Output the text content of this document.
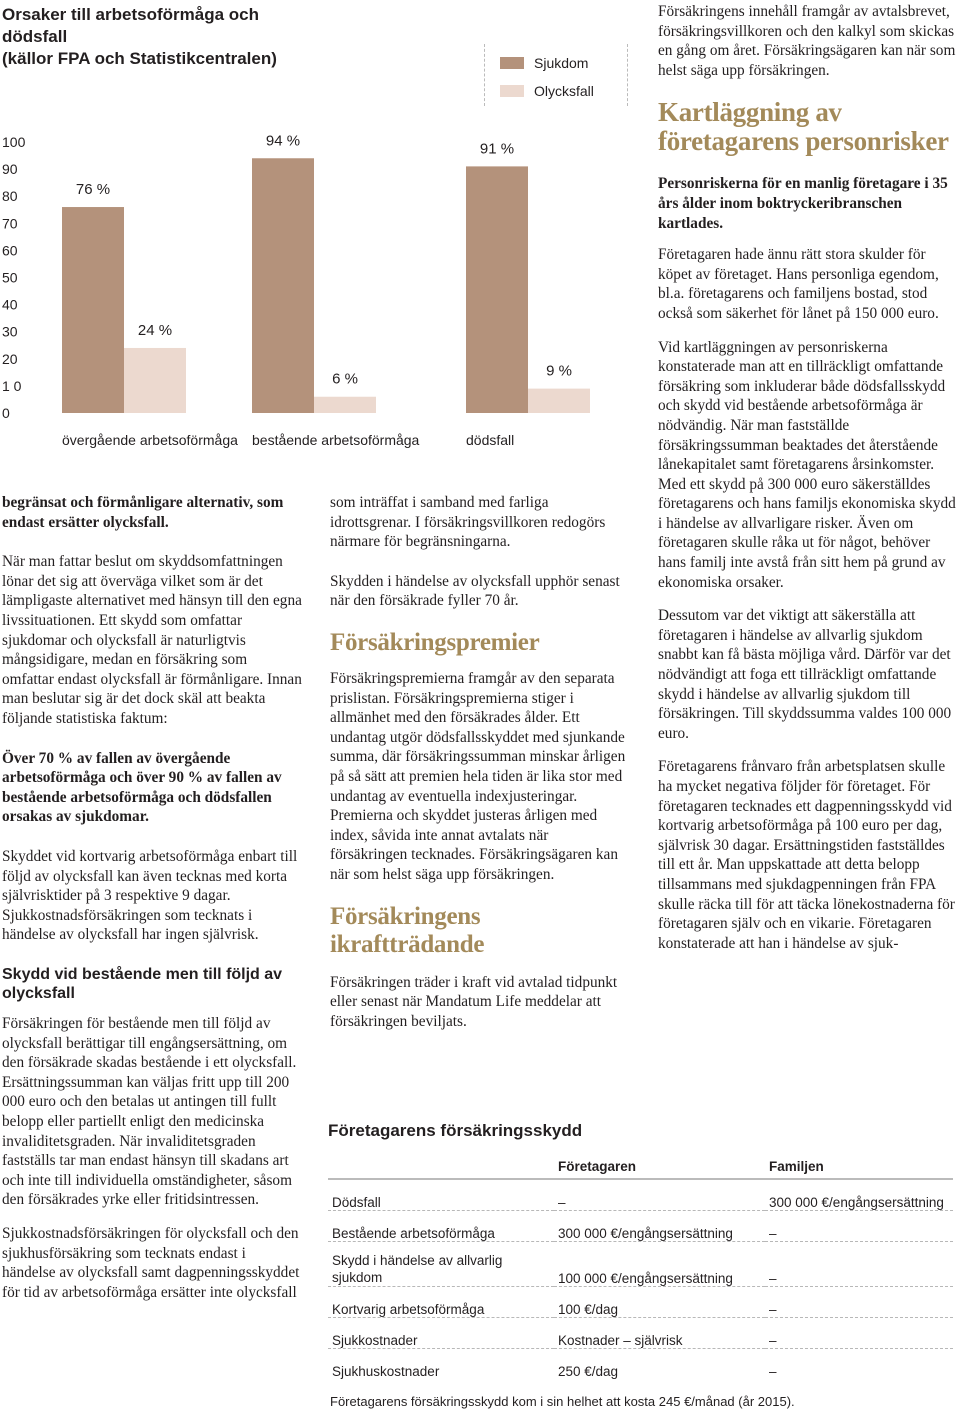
Orsaker till arbetsoförmåga och dödsfall
(källor FPA och Statistikcentralen)	Sjukdom
Olycksfall
0
1 0
20
30
40
50
60
70
80
90
100
76 %
24 %
övergående arbetsoförmåga
94 %
6 %
bestående arbetsoförmåga
91 %
9 %
dödsfall

begränsat och förmånligare alternativ, som endast ersätter olycksfall.

När man fattar beslut om skyddsomfattningen lönar det sig att överväga vilket som är det lämpligaste alternativet med hänsyn till den egna livssituationen. Ett skydd som omfattar sjukdomar och olycksfall är naturligtvis mångsidigare, medan en försäkring som omfattar endast olycksfall är förmånligare. Innan man beslutar sig är det dock skäl att beakta följande statistiska faktum:

Över 70 % av fallen av övergående arbetsoförmåga och över 90 % av fallen av bestående arbetsoförmåga och dödsfallen orsakas av sjukdomar.

Skyddet vid kortvarig arbetsoförmåga enbart till följd av olycksfall kan även tecknas med korta självrisktider på 3 respektive 9 dagar. Sjukkostnadsförsäkringen som tecknats i händelse av olycksfall har ingen självrisk.

Skydd vid bestående men till följd av olycksfall

Försäkringen för bestående men till följd av olycksfall berättigar till engångsersättning, om den försäkrade skadas bestående i ett olycksfall. Ersättningssumman kan väljas fritt upp till 200 000 euro och den betalas ut antingen till fullt belopp eller partiellt enligt den medicinska invaliditetsgraden. När invaliditetsgraden fastställs tar man endast hänsyn till skadans art och inte till individuella omständigheter, såsom den försäkrades yrke eller fritidsintressen.

Sjukkostnadsförsäkringen för olycksfall och den sjukhusförsäkring som tecknats endast i händelse av olycksfall samt dagpenningsskyddet för tid av arbetsoförmåga ersätter inte olycksfall

som inträffat i samband med farliga idrottsgrenar. I försäkringsvillkoren redogörs närmare för begränsningarna.

Skydden i händelse av olycksfall upphör senast när den försäkrade fyller 70 år.

Försäkringspremier

Försäkringspremierna framgår av den separata prislistan. Försäkringspremierna stiger i allmänhet med den försäkrades ålder. Ett undantag utgör dödsfallsskyddet med sjunkande summa, där försäkringssumman minskar årligen på så sätt att premien hela tiden är lika stor med undantag av eventuella indexjusteringar. Premierna och skyddet justeras årligen med index, såvida inte annat avtalats när försäkringen tecknades. Försäkringsägaren kan när som helst säga upp försäkringen.

Försäkringens ikraftträdande

Försäkringen träder i kraft vid avtalad tidpunkt eller senast när Mandatum Life meddelar att försäkringen beviljats.

Försäkringens innehåll framgår av avtalsbrevet, försäkringsvillkoren och den kalkyl som skickas en gång om året. Försäkringsägaren kan när som helst säga upp försäkringen.

Kartläggning av företagarens personrisker

Personriskerna för en manlig företagare i 35 års ålder inom boktryckeribranschen kartlades.

Företagaren hade ännu rätt stora skulder för köpet av företaget. Hans personliga egendom, bl.a. företagarens och familjens bostad, stod också som säkerhet för lånet på 150 000 euro.

Vid kartläggningen av personriskerna konstaterade man att en tillräckligt omfattande försäkring som inkluderar både dödsfallsskydd och skydd vid bestående arbetsoförmåga är nödvändig. När man fastställde försäkringssumman beaktades det återstående lånekapitalet samt företagarens årsinkomster. Med ett skydd på 300 000 euro säkerställdes företagarens och hans familjs ekonomiska skydd i händelse av allvarligare risker. Även om företagaren skulle råka ut för något, behöver hans familj inte avstå från sitt hem på grund av ekonomiska orsaker.

Dessutom var det viktigt att säkerställa att företagaren i händelse av allvarlig sjukdom snabbt kan få bästa möjliga vård. Därför var det nödvändigt att foga ett tillräckligt omfattande skydd i händelse av allvarlig sjukdom till försäkringen. Till skyddssumma valdes 100 000 euro.

Företagarens frånvaro från arbetsplatsen skulle ha mycket negativa följder för företaget. För företagaren tecknades ett dagpenningsskydd vid kortvarig arbetsoförmåga på 100 euro per dag, självrisk 30 dagar. Ersättningstiden fastställdes till ett år. Man uppskattade att detta belopp tillsammans med sjukdagpenningen från FPA skulle räcka till för att täcka lönekostnaderna för företagaren själv och en vikarie. Företagaren konstaterade att han i händelse av sjuk-

Företagarens försäkringsskydd
	Företagaren	Familjen
Dödsfall	–	300 000 €/engångsersättning
Bestående arbetsoförmåga	300 000 €/engångsersättning	–
Skydd i händelse av allvarlig sjukdom	100 000 €/engångsersättning	–
Kortvarig arbetsoförmåga	100 €/dag	–
Sjukkostnader	Kostnader – självrisk	–
Sjukhuskostnader	250 €/dag	–
Företagarens försäkringsskydd kom i sin helhet att kosta 245 €/månad (år 2015).
